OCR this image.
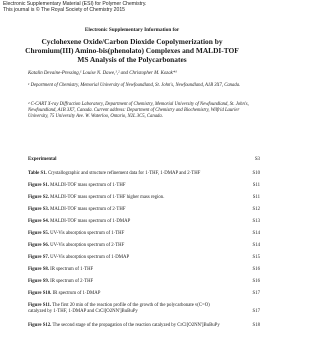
Electronic Supplementary Material (ESI) for Polymer Chemistry.
This journal is © The Royal Society of Chemistry 2015
Electronic Supplementary Information for
Cyclohexene Oxide/Carbon Dioxide Copolymerization by Chromium(III) Amino-bis(phenolato) Complexes and MALDI-TOF MS Analysis of the Polycarbonates
Katalin Devaine-Pressing,¹ Louise N. Dawe,¹,² and Christopher M. Kozak*¹
¹ Department of Chemistry, Memorial University of Newfoundland, St. John's, Newfoundland, A1B 3X7, Canada.
² C-CART X-ray Diffraction Laboratory, Department of Chemistry, Memorial University of Newfoundland, St. John's, Newfoundland, A1B 3X7, Canada. Current address: Department of Chemistry and Biochemistry, Wilfrid Laurier University, 75 University Ave. W. Waterloo, Ontario, N2L 3C5, Canada.
Experimental	S3
Table S1. Crystallographic and structure refinement data for 1·THF, 1·DMAP and 2·THF	S10
Figure S1. MALDI-TOF mass spectrum of 1·THF	S11
Figure S2. MALDI-TOF mass spectrum of 1·THF higher mass region.	S11
Figure S3. MALDI-TOF mass spectrum of 2·THF	S12
Figure S4. MALDI-TOF mass spectrum of 1·DMAP	S13
Figure S5. UV-Vis absorption spectrum of 1·THF	S14
Figure S6. UV-Vis absorption spectrum of 2·THF	S14
Figure S7. UV-Vis absorption spectrum of 1·DMAP	S15
Figure S8. IR spectrum of 1·THF	S16
Figure S9. IR spectrum of 2·THF	S16
Figure S10. IR spectrum of 1·DMAP	S17
Figure S11. The first 20 min of the reaction profile of the growth of the polycarbonate ν(C=O) catalyzed by 1·THF, 1·DMAP and CrCl[O2NN']BuBuPy	S17
Figure S12. The second stage of the propagation of the reaction catalyzed by CrCl[O2NN']BuBuPy	S18
